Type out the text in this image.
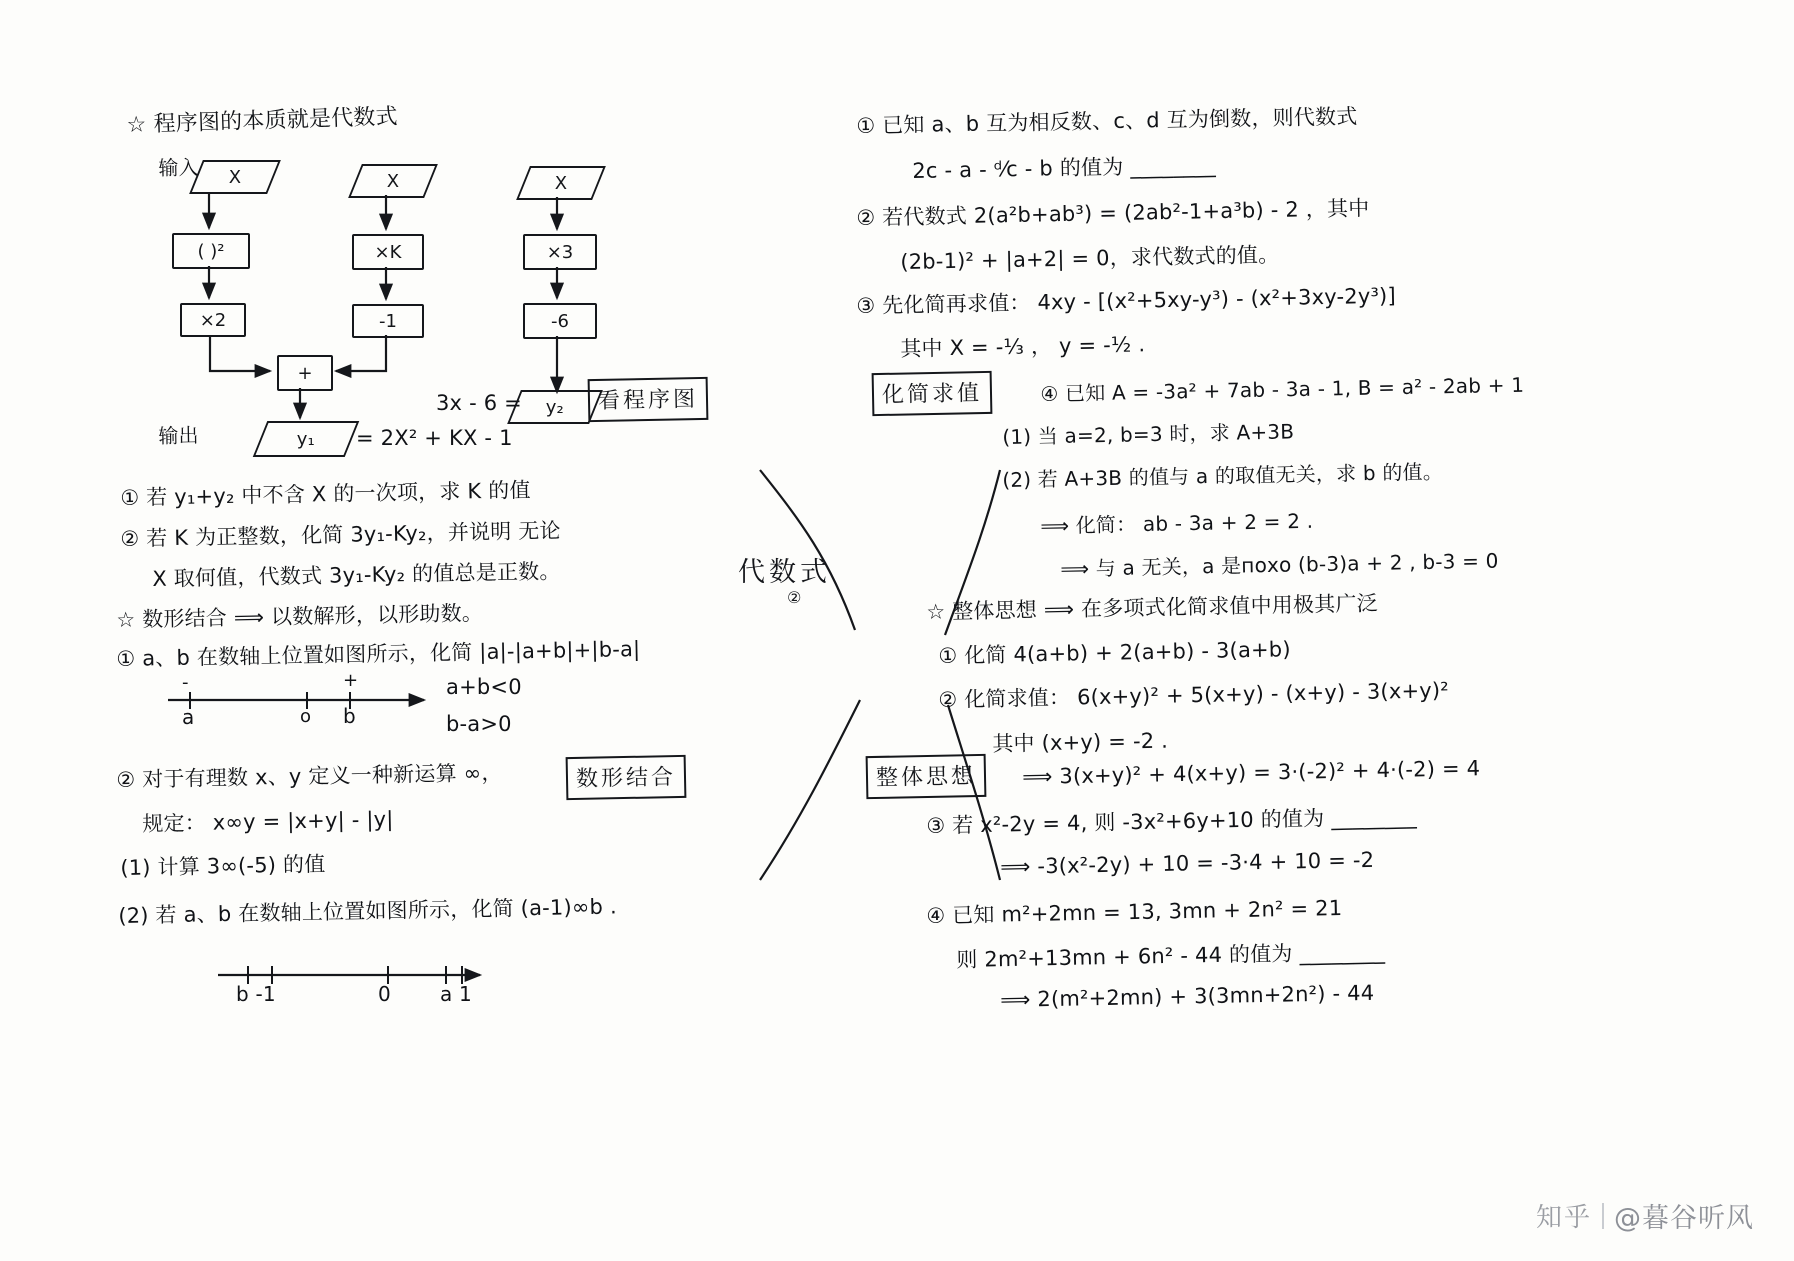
☆ 程序图的本质就是代数式
输入 X
( )²
×2
X
×K
-1
X
×3
-6
+
输出	y₁ = 2X² + KX - 1
3x - 6 = y₂	看程序图
① 若 y₁+y₂ 中不含 X 的一次项，求 K 的值
② 若 K 为正整数，化简 3y₁-Ky₂，并说明 无论
X 取何值，代数式 3y₁-Ky₂ 的值总是正数。
☆ 数形结合 ⟹ 以数解形，以形助数。
① a、b 在数轴上位置如图所示，化简 |a|-|a+b|+|b-a|
-	+
a	o b
a+b<0
b-a>0
② 对于有理数 x、y 定义一种新运算 ∞，
规定： x∞y = |x+y| - |y|
(1) 计算 3∞(-5) 的值
(2) 若 a、b 在数轴上位置如图所示，化简 (a-1)∞b .
数形结合
b -1	0 a 1
代数式
②
① 已知 a、b 互为相反数、c、d 互为倒数，则代数式
2c - a - ᵈ⁄c - b 的值为 ________
② 若代数式 2(a²b+ab³) = (2ab²-1+a³b) - 2 ，其中
(2b-1)² + |a+2| = 0，求代数式的值。
③ 先化简再求值： 4xy - [(x²+5xy-y³) - (x²+3xy-2y³)]
其中 X = -⅓ ， y = -½ .
化简求值	④ 已知 A = -3a² + 7ab - 3a - 1, B = a² - 2ab + 1
(1) 当 a=2, b=3 时，求 A+3B
(2) 若 A+3B 的值与 a 的取值无关，求 b 的值。
⟹ 化简： ab - 3a + 2 = 2 .
⟹ 与 a 无关，a 是похо (b-3)a + 2 , b-3 = 0
☆ 整体思想 ⟹ 在多项式化简求值中用极其广泛
① 化简 4(a+b) + 2(a+b) - 3(a+b)
② 化简求值： 6(x+y)² + 5(x+y) - (x+y) - 3(x+y)²
其中 (x+y) = -2 .
整体思想	⟹ 3(x+y)² + 4(x+y) = 3·(-2)² + 4·(-2) = 4
③ 若 x²-2y = 4, 则 -3x²+6y+10 的值为 ________
⟹ -3(x²-2y) + 10 = -3·4 + 10 = -2
④ 已知 m²+2mn = 13, 3mn + 2n² = 21
则 2m²+13mn + 6n² - 44 的值为 ________
⟹ 2(m²+2mn) + 3(3mn+2n²) - 44
知乎 @暮谷听风
